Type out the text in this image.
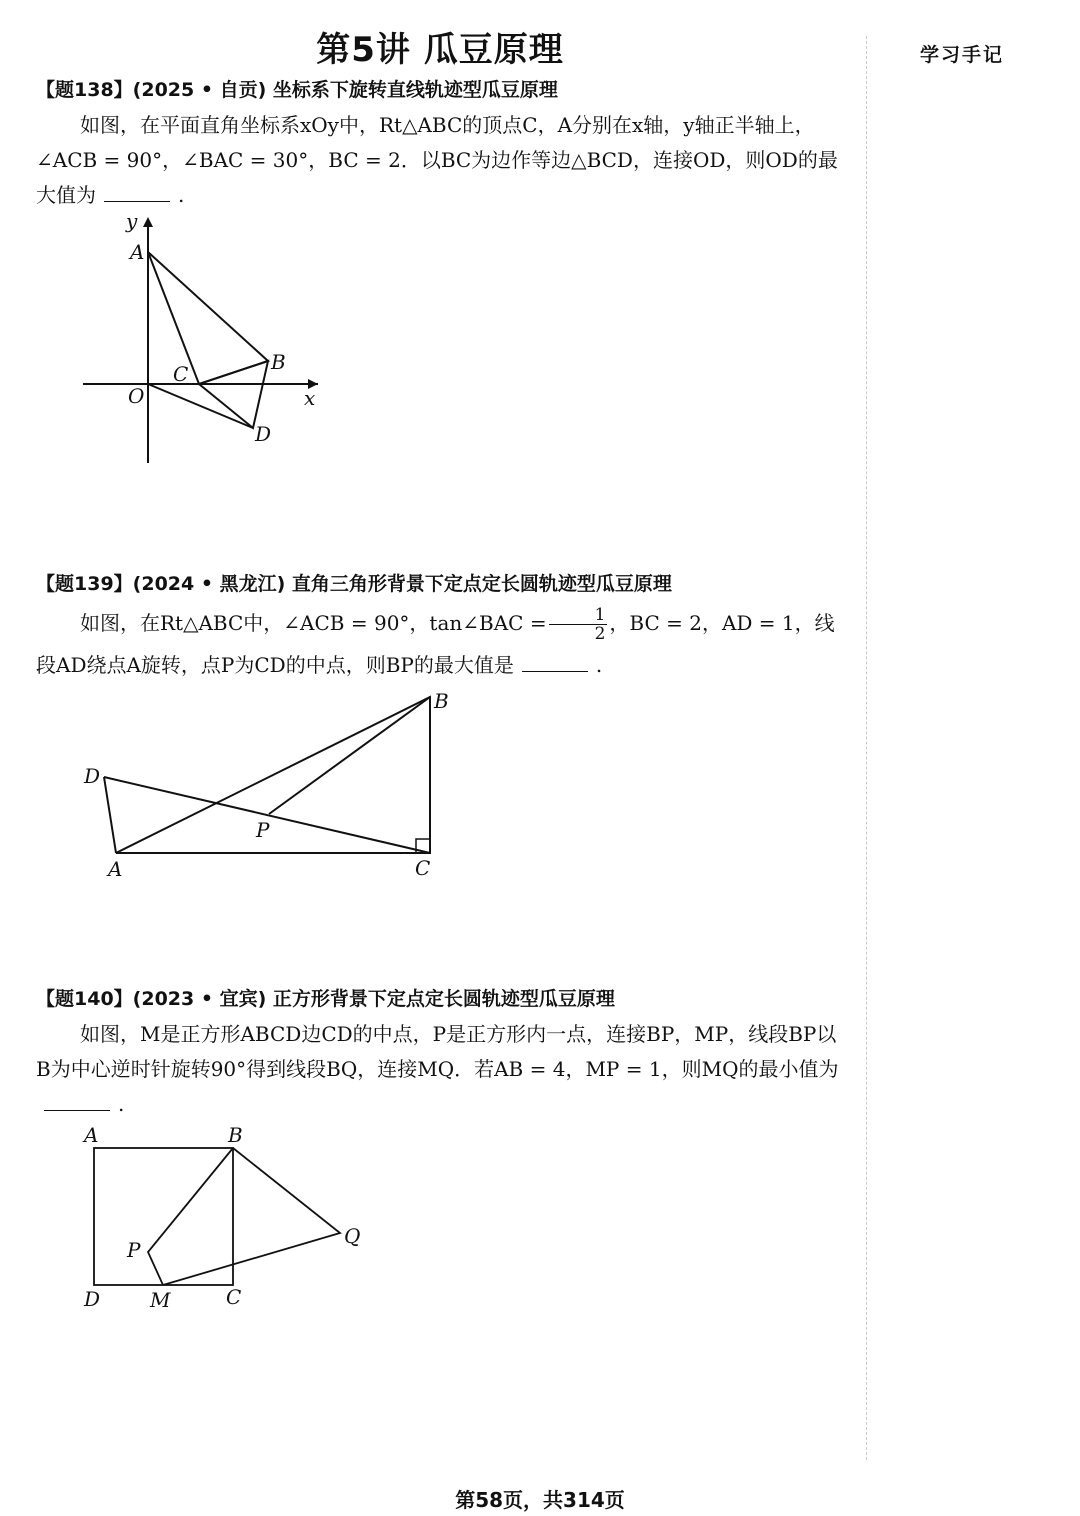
第5讲 瓜豆原理	学习手记
【题138】(2025 • 自贡) 坐标系下旋转直线轨迹型瓜豆原理
如图，在平面直角坐标系xOy中，Rt△ABC的顶点C，A分别在x轴，y轴正半轴上，∠ACB = 90°，∠BAC = 30°，BC = 2．以BC为边作等边△BCD，连接OD，则OD的最大值为	.
y
A
B
C
O	x
D
【题139】(2024 • 黑龙江) 直角三角形背景下定点定长圆轨迹型瓜豆原理
如图，在Rt△ABC中，∠ACB = 90°，tan∠BAC = $\frac{1}{2}$ ，BC = 2，AD = 1，线段AD绕点A旋转，点P为CD的中点，则BP的最大值是	.
B
D
P
A	C
【题140】(2023 • 宜宾) 正方形背景下定点定长圆轨迹型瓜豆原理
如图，M是正方形ABCD边CD的中点，P是正方形内一点，连接BP，MP，线段BP以B为中心逆时针旋转90°得到线段BQ，连接MQ．若AB = 4，MP = 1，则MQ的最小值为.
A	B
P
Q
D M	C
第58页，共314页
